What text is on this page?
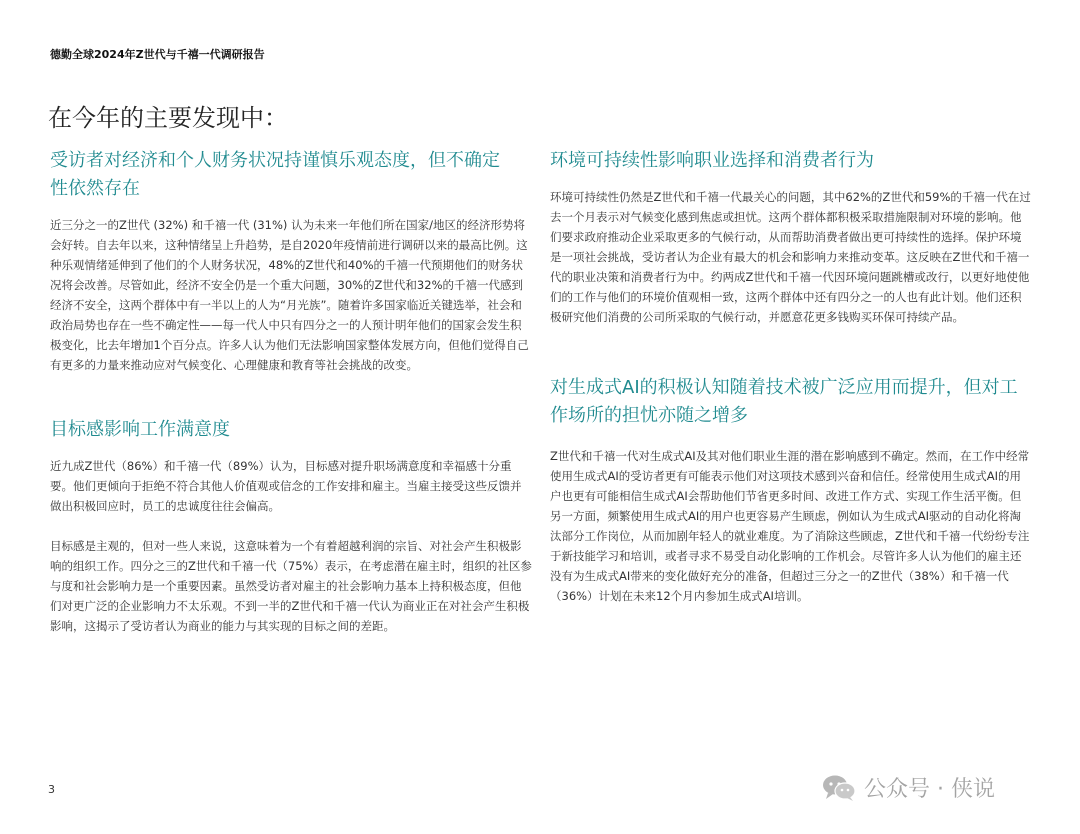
德勤全球2024年Z世代与千禧一代调研报告
在今年的主要发现中：
受访者对经济和个人财务状况持谨慎乐观态度，但不确定性依然存在

近三分之一的Z世代 (32%) 和千禧一代 (31%) 认为未来一年他们所在国家/地区的经济形势将会好转。自去年以来，这种情绪呈上升趋势，是自2020年疫情前进行调研以来的最高比例。这种乐观情绪延伸到了他们的个人财务状况，48%的Z世代和40%的千禧一代预期他们的财务状况将会改善。尽管如此，经济不安全仍是一个重大问题，30%的Z世代和32%的千禧一代感到经济不安全，这两个群体中有一半以上的人为“月光族”。随着许多国家临近关键选举，社会和政治局势也存在一些不确定性——每一代人中只有四分之一的人预计明年他们的国家会发生积极变化，比去年增加1个百分点。许多人认为他们无法影响国家整体发展方向，但他们觉得自己有更多的力量来推动应对气候变化、心理健康和教育等社会挑战的改变。

目标感影响工作满意度

近九成Z世代（86%）和千禧一代（89%）认为，目标感对提升职场满意度和幸福感十分重要。他们更倾向于拒绝不符合其他人价值观或信念的工作安排和雇主。当雇主接受这些反馈并做出积极回应时，员工的忠诚度往往会偏高。

目标感是主观的，但对一些人来说，这意味着为一个有着超越利润的宗旨、对社会产生积极影响的组织工作。四分之三的Z世代和千禧一代（75%）表示，在考虑潜在雇主时，组织的社区参与度和社会影响力是一个重要因素。虽然受访者对雇主的社会影响力基本上持积极态度，但他们对更广泛的企业影响力不太乐观。不到一半的Z世代和千禧一代认为商业正在对社会产生积极影响，这揭示了受访者认为商业的能力与其实现的目标之间的差距。

环境可持续性影响职业选择和消费者行为

环境可持续性仍然是Z世代和千禧一代最关心的问题，其中62%的Z世代和59%的千禧一代在过去一个月表示对气候变化感到焦虑或担忧。这两个群体都积极采取措施限制对环境的影响。他们要求政府推动企业采取更多的气候行动，从而帮助消费者做出更可持续性的选择。保护环境是一项社会挑战，受访者认为企业有最大的机会和影响力来推动变革。这反映在Z世代和千禧一代的职业决策和消费者行为中。约两成Z世代和千禧一代因环境问题跳槽或改行，以更好地使他们的工作与他们的环境价值观相一致，这两个群体中还有四分之一的人也有此计划。他们还积极研究他们消费的公司所采取的气候行动，并愿意花更多钱购买环保可持续产品。

对生成式AI的积极认知随着技术被广泛应用而提升，但对工作场所的担忧亦随之增多

Z世代和千禧一代对生成式AI及其对他们职业生涯的潜在影响感到不确定。然而，在工作中经常使用生成式AI的受访者更有可能表示他们对这项技术感到兴奋和信任。经常使用生成式AI的用户也更有可能相信生成式AI会帮助他们节省更多时间、改进工作方式、实现工作生活平衡。但另一方面，频繁使用生成式AI的用户也更容易产生顾虑，例如认为生成式AI驱动的自动化将淘汰部分工作岗位，从而加剧年轻人的就业难度。为了消除这些顾虑，Z世代和千禧一代纷纷专注于新技能学习和培训，或者寻求不易受自动化影响的工作机会。尽管许多人认为他们的雇主还没有为生成式AI带来的变化做好充分的准备，但超过三分之一的Z世代（38%）和千禧一代（36%）计划在未来12个月内参加生成式AI培训。

3	公众号 · 侠说
